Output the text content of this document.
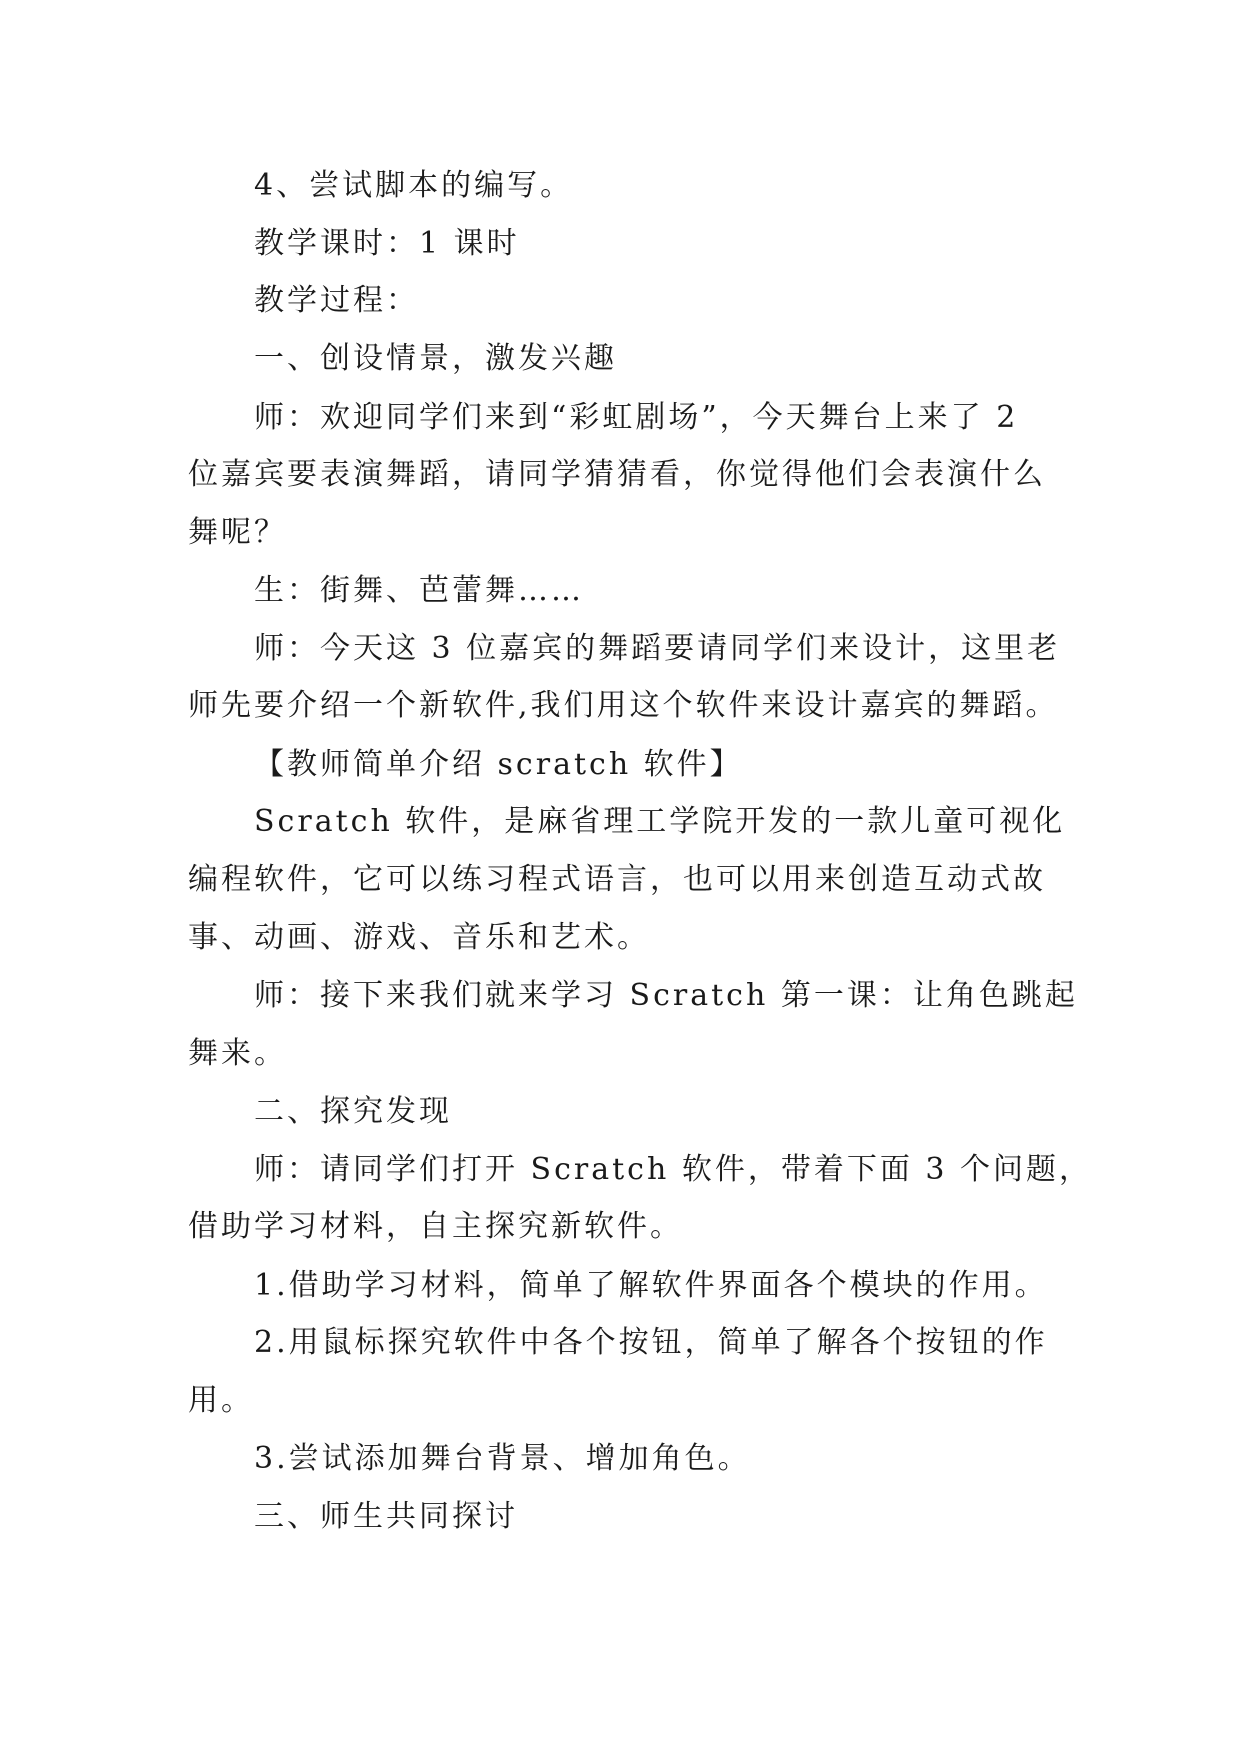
4、尝试脚本的编写。
教学课时：1 课时
教学过程：
一、创设情景，激发兴趣
师：欢迎同学们来到“彩虹剧场”，今天舞台上来了 2
位嘉宾要表演舞蹈，请同学猜猜看，你觉得他们会表演什么
舞呢？
生：街舞、芭蕾舞……
师：今天这 3 位嘉宾的舞蹈要请同学们来设计，这里老
师先要介绍一个新软件,我们用这个软件来设计嘉宾的舞蹈。
【教师简单介绍 scratch 软件】
Scratch 软件，是麻省理工学院开发的一款儿童可视化
编程软件，它可以练习程式语言，也可以用来创造互动式故
事、动画、游戏、音乐和艺术。
师：接下来我们就来学习 Scratch 第一课：让角色跳起
舞来。
二、探究发现
师：请同学们打开 Scratch 软件，带着下面 3 个问题，
借助学习材料，自主探究新软件。
1.借助学习材料，简单了解软件界面各个模块的作用。
2.用鼠标探究软件中各个按钮，简单了解各个按钮的作
用。
3.尝试添加舞台背景、增加角色。
三、师生共同探讨
